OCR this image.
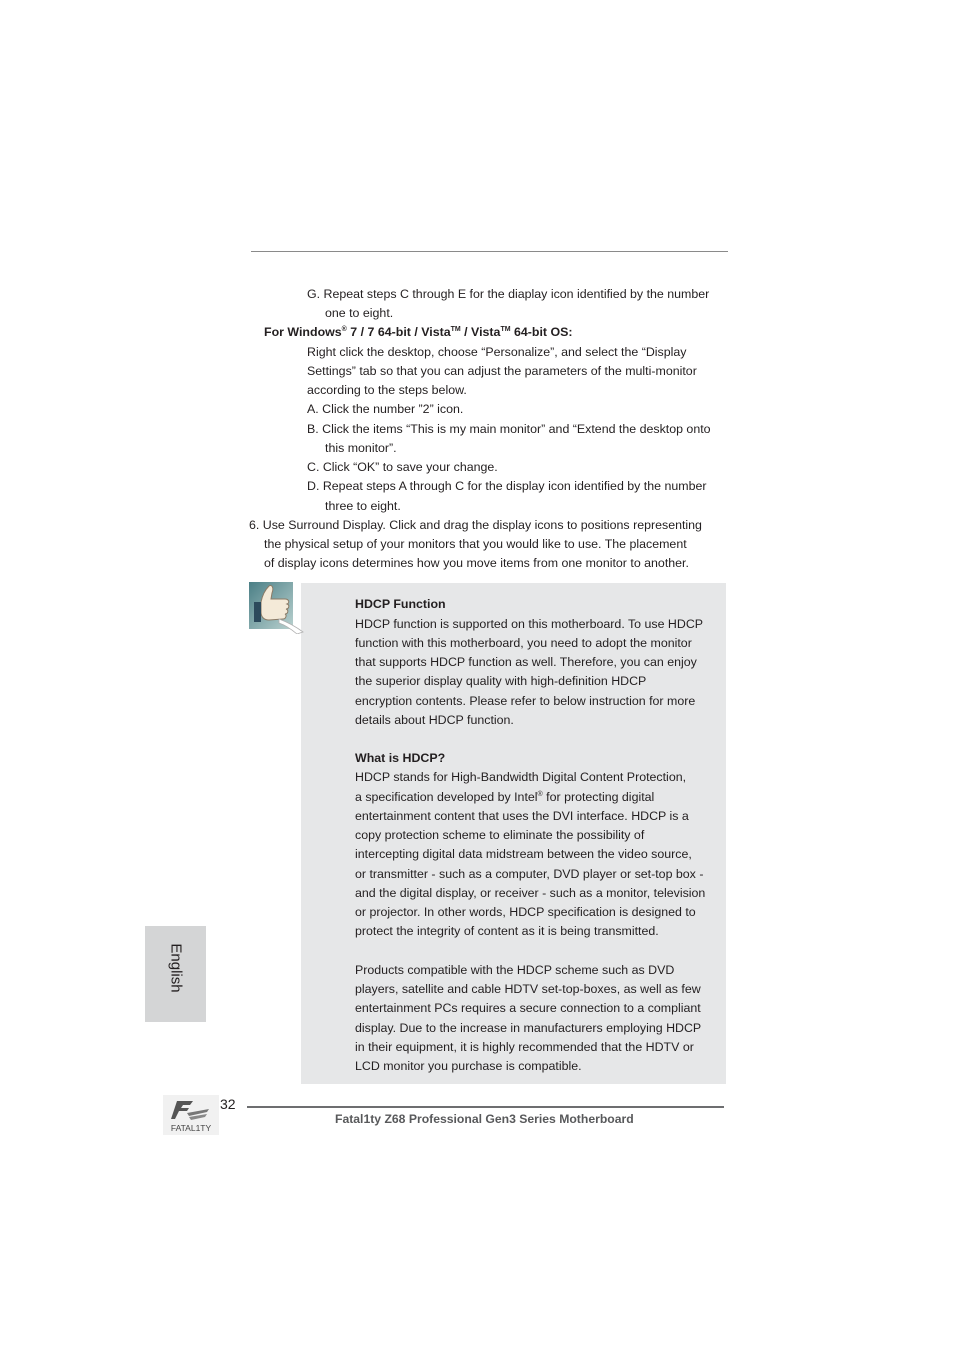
G. Repeat steps C through E for the diaplay icon identified by the number
one to eight.
For Windows® 7 / 7 64-bit / Vista™ / Vista™ 64-bit OS:
Right click the desktop, choose “Personalize”, and select the “Display
Settings” tab so that you can adjust the parameters of the multi-monitor
according to the steps below.
A. Click the number ”2” icon.
B. Click the items “This is my main monitor” and “Extend the desktop onto
this monitor”.
C. Click “OK” to save your change.
D. Repeat steps A through C for the display icon identified by the number
three to eight.
6. Use Surround Display. Click and drag the display icons to positions representing
the physical setup of your monitors that you would like to use. The placement
of display icons determines how you move items from one monitor to another.
HDCP Function
HDCP function is supported on this motherboard. To use HDCP
function with this motherboard, you need to adopt the monitor
that supports HDCP function as well. Therefore, you can enjoy
the superior display quality with high-definition HDCP
encryption contents. Please refer to below instruction for more
details about HDCP function.
What is HDCP?
HDCP stands for High-Bandwidth Digital Content Protection,
a specification developed by Intel® for protecting digital
entertainment content that uses the DVI interface. HDCP is a
copy protection scheme to eliminate the possibility of
intercepting digital data midstream between the video source,
or transmitter - such as a computer, DVD player or set-top box -
and the digital display, or receiver - such as a monitor, television
or projector. In other words, HDCP specification is designed to
protect the integrity of content as it is being transmitted.
Products compatible with the HDCP scheme such as DVD
players, satellite and cable HDTV set-top-boxes, as well as few
entertainment PCs requires a secure connection to a compliant
display. Due to the increase in manufacturers employing HDCP
in their equipment, it is highly recommended that the HDTV or
LCD monitor you purchase is compatible.
English
FATAL1TY
32
Fatal1ty Z68 Professional Gen3 Series Motherboard
